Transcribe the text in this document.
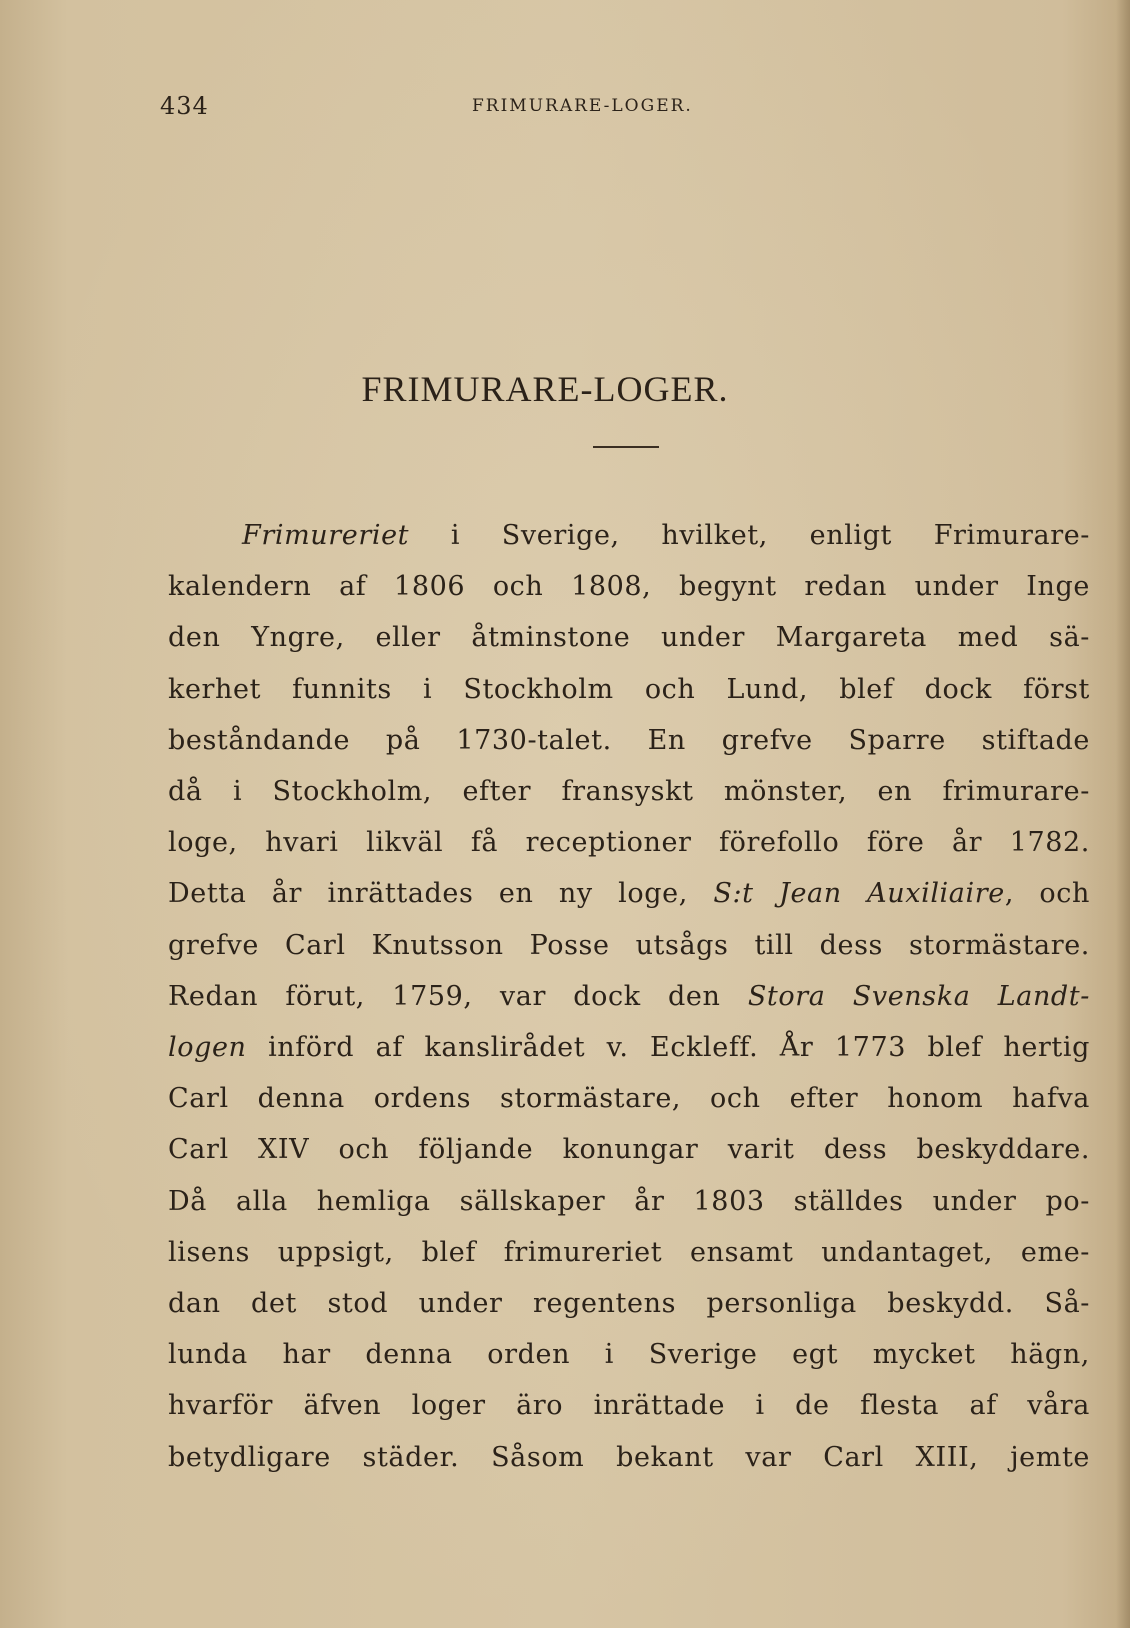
434	FRIMURARE-LOGER.
FRIMURARE-LOGER.
Frimureriet i Sverige, hvilket, enligt Frimurare-
kalendern af 1806 och 1808, begynt redan under Inge
den Yngre, eller åtminstone under Margareta med sä-
kerhet funnits i Stockholm och Lund, blef dock först
beståndande på 1730-talet. En grefve Sparre stiftade
då i Stockholm, efter fransyskt mönster, en frimurare-
loge, hvari likväl få receptioner förefollo före år 1782.
Detta år inrättades en ny loge, S:t Jean Auxiliaire, och
grefve Carl Knutsson Posse utsågs till dess stormästare.
Redan förut, 1759, var dock den Stora Svenska Landt-
logen införd af kanslirådet v. Eckleff. År 1773 blef hertig
Carl denna ordens stormästare, och efter honom hafva
Carl XIV och följande konungar varit dess beskyddare.
Då alla hemliga sällskaper år 1803 ställdes under po-
lisens uppsigt, blef frimureriet ensamt undantaget, eme-
dan det stod under regentens personliga beskydd. Så-
lunda har denna orden i Sverige egt mycket hägn,
hvarför äfven loger äro inrättade i de flesta af våra
betydligare städer. Såsom bekant var Carl XIII, jemte
